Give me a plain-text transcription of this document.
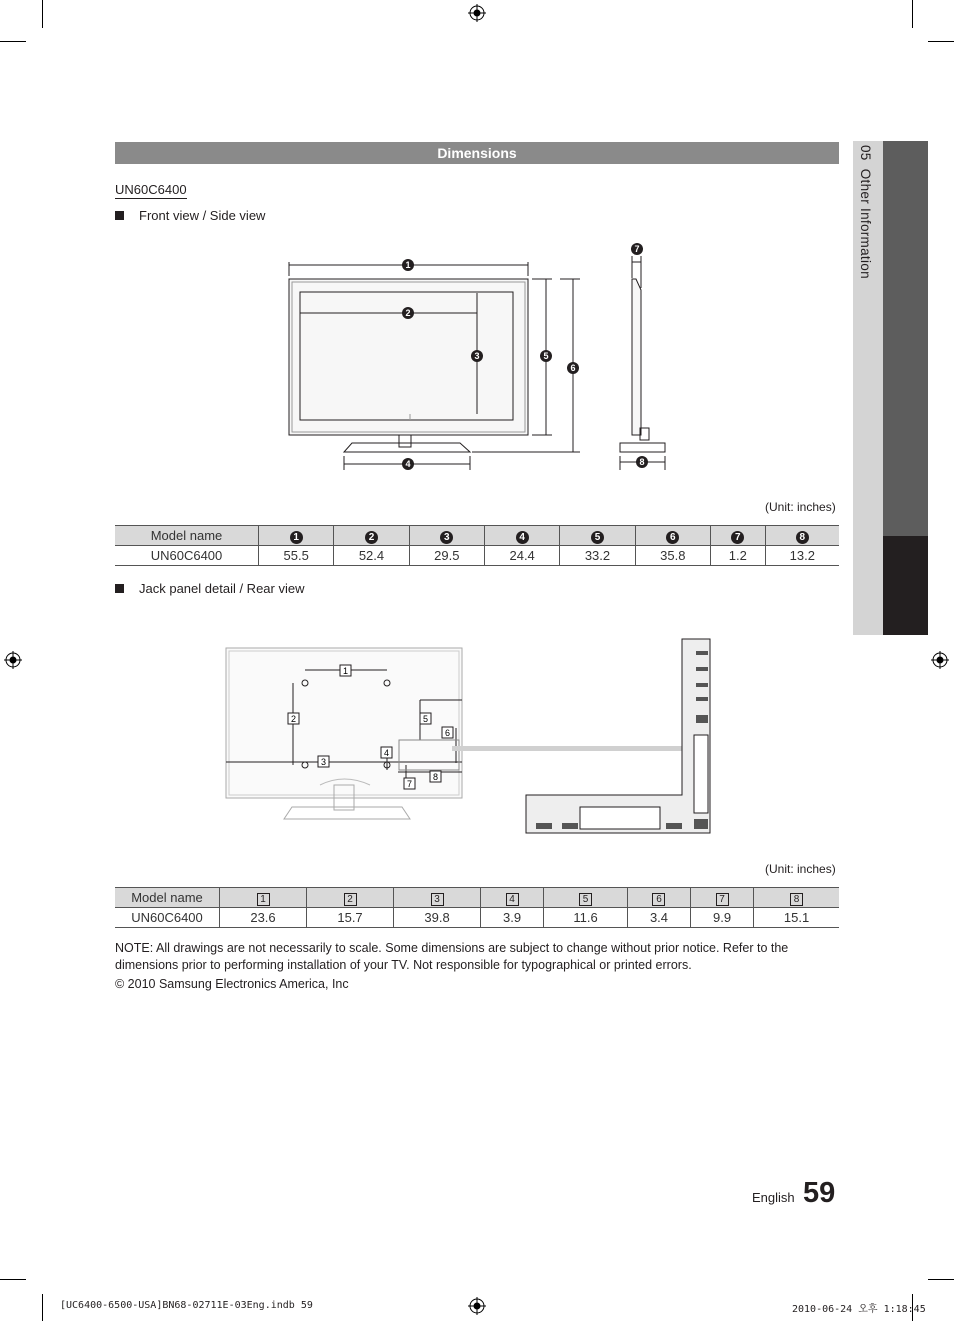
05  Other Information
Dimensions
UN60C6400
Front view / Side view
1
2
3
4
5
6
7
8
(Unit: inches)
Model name	1	2	3	4	5	6	7	8
UN60C6400	55.5	52.4	29.5	24.4	33.2	35.8	1.2	13.2
Jack panel detail / Rear view
1
2
3
4
5
6
7
8
(Unit: inches)
Model name	1	2	3	4	5	6	7	8
UN60C6400	23.6	15.7	39.8	3.9	11.6	3.4	9.9	15.1
NOTE: All drawings are not necessarily to scale. Some dimensions are subject to change without prior notice. Refer to the dimensions prior to performing installation of your TV. Not responsible for typographical or printed errors.
© 2010 Samsung Electronics America, Inc
English 59
[UC6400-6500-USA]BN68-02711E-03Eng.indb 59	2010-06-24 오후 1:18:45
